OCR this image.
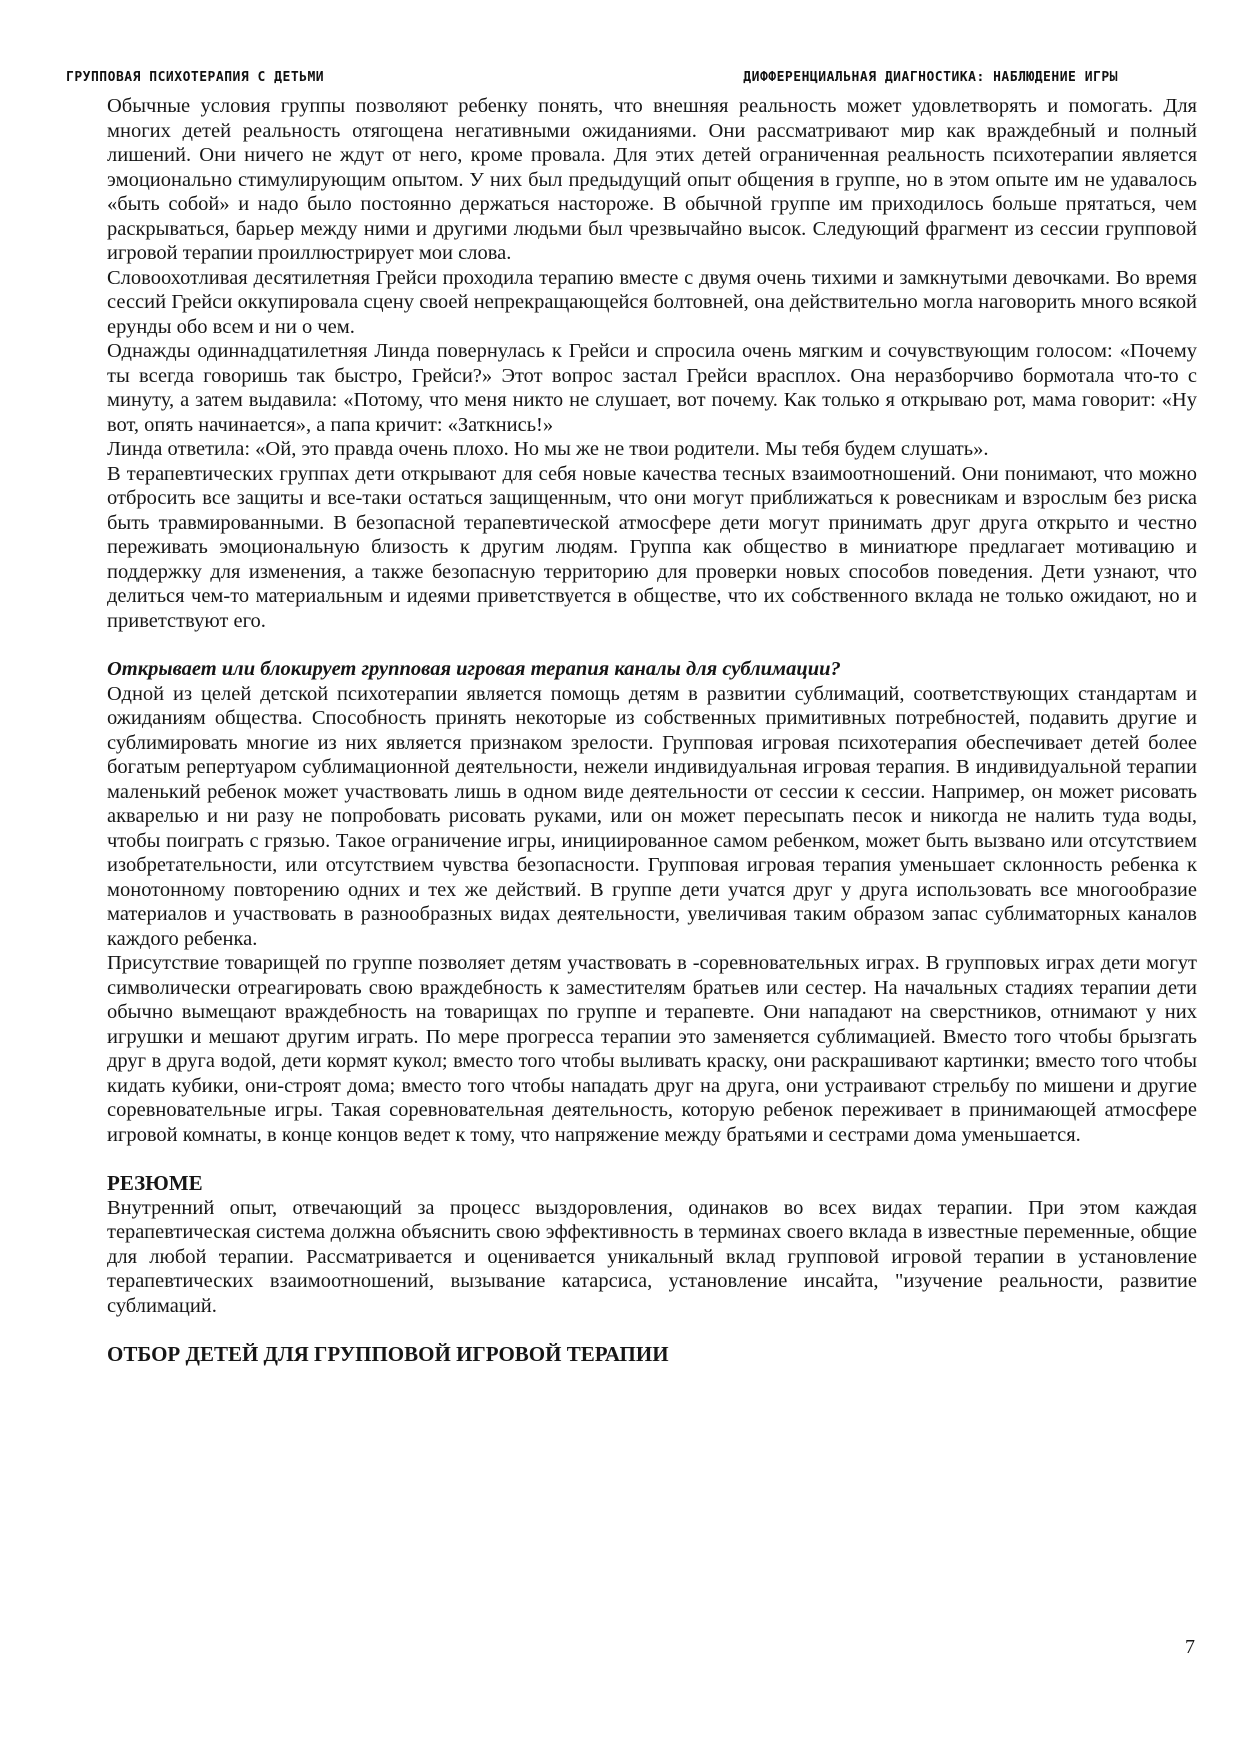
ГРУППОВАЯ ПСИХОТЕРАПИЯ С ДЕТЬМИ	ДИФФЕРЕНЦИАЛЬНАЯ ДИАГНОСТИКА: НАБЛЮДЕНИЕ ИГРЫ

Обычные условия группы позволяют ребенку понять, что внешняя реальность может удовлетворять и помогать. Для многих детей реальность отягощена негативными ожиданиями. Они рассматривают мир как враждебный и полный лишений. Они ничего не ждут от него, кроме провала. Для этих детей ограниченная реальность психотерапии является эмоционально стимулирующим опытом. У них был предыдущий опыт общения в группе, но в этом опыте им не удавалось «быть собой» и надо было постоянно держаться настороже. В обычной группе им приходилось больше прятаться, чем раскрываться, барьер между ними и другими людьми был чрезвычайно высок. Следующий фрагмент из сессии групповой игровой терапии проиллюстрирует мои слова.

Словоохотливая десятилетняя Грейси проходила терапию вместе с двумя очень тихими и замкнутыми девочками. Во время сессий Грейси оккупировала сцену своей непрекращающейся болтовней, она действительно могла наговорить много всякой ерунды обо всем и ни о чем.

Однажды одиннадцатилетняя Линда повернулась к Грейси и спросила очень мягким и сочувствующим голосом: «Почему ты всегда говоришь так быстро, Грейси?» Этот вопрос застал Грейси врасплох. Она неразборчиво бормотала что-то с минуту, а затем выдавила: «Потому, что меня никто не слушает, вот почему. Как только я открываю рот, мама говорит: «Ну вот, опять начинается», а папа кричит: «Заткнись!»

Линда ответила: «Ой, это правда очень плохо. Но мы же не твои родители. Мы тебя будем слушать».

В терапевтических группах дети открывают для себя новые качества тесных взаимоотношений. Они понимают, что можно отбросить все защиты и все-таки остаться защищенным, что они могут приближаться к ровесникам и взрослым без риска быть травмированными. В безопасной терапевтической атмосфере дети могут принимать друг друга открыто и честно переживать эмоциональную близость к другим людям. Группа как общество в миниатюре предлагает мотивацию и поддержку для изменения, а также безопасную территорию для проверки новых способов поведения. Дети узнают, что делиться чем-то материальным и идеями приветствуется в обществе, что их собственного вклада не только ожидают, но и приветствуют его.

Открывает или блокирует групповая игровая терапия каналы для сублимации?

Одной из целей детской психотерапии является помощь детям в развитии сублимаций, соответствующих стандартам и ожиданиям общества. Способность принять некоторые из собственных примитивных потребностей, подавить другие и сублимировать многие из них является признаком зрелости. Групповая игровая психотерапия обеспечивает детей более богатым репертуаром сублимационной деятельности, нежели индивидуальная игровая терапия. В индивидуальной терапии маленький ребенок может участвовать лишь в одном виде деятельности от сессии к сессии. Например, он может рисовать акварелью и ни разу не попробовать рисовать руками, или он может пересыпать песок и никогда не налить туда воды, чтобы поиграть с грязью. Такое ограничение игры, инициированное самом ребенком, может быть вызвано или отсутствием изобретательности, или отсутствием чувства безопасности. Групповая игровая терапия уменьшает склонность ребенка к монотонному повторению одних и тех же действий. В группе дети учатся друг у друга использовать все многообразие материалов и участвовать в разнообразных видах деятельности, увеличивая таким образом запас сублиматорных каналов каждого ребенка.

Присутствие товарищей по группе позволяет детям участвовать в -соревновательных играх. В групповых играх дети могут символически отреагировать свою враждебность к заместителям братьев или сестер. На начальных стадиях терапии дети обычно вымещают враждебность на товарищах по группе и терапевте. Они нападают на сверстников, отнимают у них игрушки и мешают другим играть. По мере прогресса терапии это заменяется сублимацией. Вместо того чтобы брызгать друг в друга водой, дети кормят кукол; вместо того чтобы выливать краску, они раскрашивают картинки; вместо того чтобы кидать кубики, они-строят дома; вместо того чтобы нападать друг на друга, они устраивают стрельбу по мишени и другие соревновательные игры. Такая соревновательная деятельность, которую ребенок переживает в принимающей атмосфере игровой комнаты, в конце концов ведет к тому, что напряжение между братьями и сестрами дома уменьшается.

РЕЗЮМЕ

Внутренний опыт, отвечающий за процесс выздоровления, одинаков во всех видах терапии. При этом каждая терапевтическая система должна объяснить свою эффективность в терминах своего вклада в известные переменные, общие для любой терапии. Рассматривается и оценивается уникальный вклад групповой игровой терапии в установление терапевтических взаимоотношений, вызывание катарсиса, установление инсайта, "изучение реальности, развитие сублимаций.

ОТБОР ДЕТЕЙ ДЛЯ ГРУППОВОЙ ИГРОВОЙ ТЕРАПИИ

7
